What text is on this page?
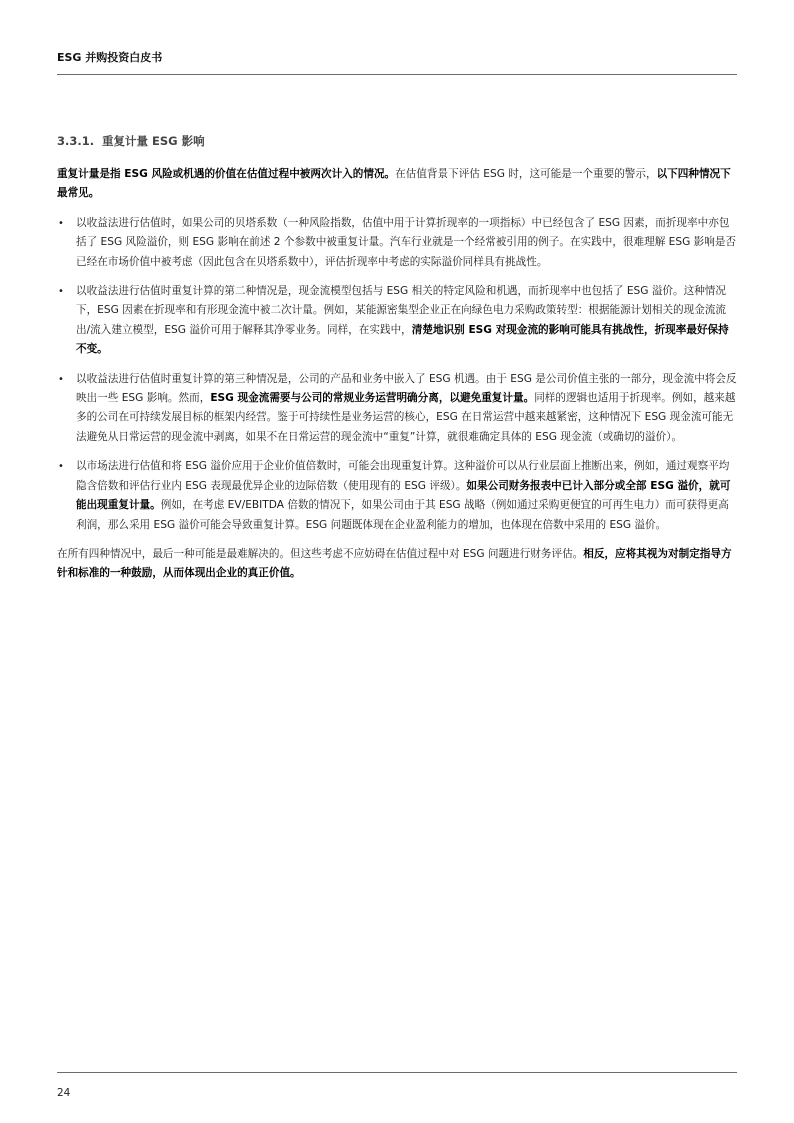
ESG 并购投资白皮书
3.3.1. 重复计量 ESG 影响

重复计量是指 ESG 风险或机遇的价值在估值过程中被两次计入的情况。在估值背景下评估 ESG 时，这可能是一个重要的警示，以下四种情况下最常见。

• 以收益法进行估值时，如果公司的贝塔系数（一种风险指数，估值中用于计算折现率的一项指标）中已经包含了 ESG 因素，而折现率中亦包括了 ESG 风险溢价，则 ESG 影响在前述 2 个参数中被重复计量。汽车行业就是一个经常被引用的例子。在实践中，很难理解 ESG 影响是否已经在市场价值中被考虑（因此包含在贝塔系数中），评估折现率中考虑的实际溢价同样具有挑战性。
• 以收益法进行估值时重复计算的第二种情况是，现金流模型包括与 ESG 相关的特定风险和机遇，而折现率中也包括了 ESG 溢价。这种情况下，ESG 因素在折现率和有形现金流中被二次计量。例如，某能源密集型企业正在向绿色电力采购政策转型：根据能源计划相关的现金流流出/流入建立模型，ESG 溢价可用于解释其净零业务。同样，在实践中，清楚地识别 ESG 对现金流的影响可能具有挑战性，折现率最好保持不变。
• 以收益法进行估值时重复计算的第三种情况是，公司的产品和业务中嵌入了 ESG 机遇。由于 ESG 是公司价值主张的一部分，现金流中将会反映出一些 ESG 影响。然而，ESG 现金流需要与公司的常规业务运营明确分离，以避免重复计量。同样的逻辑也适用于折现率。例如，越来越多的公司在可持续发展目标的框架内经营。鉴于可持续性是业务运营的核心，ESG 在日常运营中越来越紧密，这种情况下 ESG 现金流可能无法避免从日常运营的现金流中剥离，如果不在日常运营的现金流中“重复”计算，就很难确定具体的 ESG 现金流（或确切的溢价）。
• 以市场法进行估值和将 ESG 溢价应用于企业价值倍数时，可能会出现重复计算。这种溢价可以从行业层面上推断出来，例如，通过观察平均隐含倍数和评估行业内 ESG 表现最优异企业的边际倍数（使用现有的 ESG 评级）。如果公司财务报表中已计入部分或全部 ESG 溢价，就可能出现重复计量。例如，在考虑 EV/EBITDA 倍数的情况下，如果公司由于其 ESG 战略（例如通过采购更便宜的可再生电力）而可获得更高利润，那么采用 ESG 溢价可能会导致重复计算。ESG 问题既体现在企业盈利能力的增加，也体现在倍数中采用的 ESG 溢价。

在所有四种情况中，最后一种可能是最难解决的。但这些考虑不应妨碍在估值过程中对 ESG 问题进行财务评估。相反，应将其视为对制定指导方针和标准的一种鼓励，从而体现出企业的真正价值。

24
